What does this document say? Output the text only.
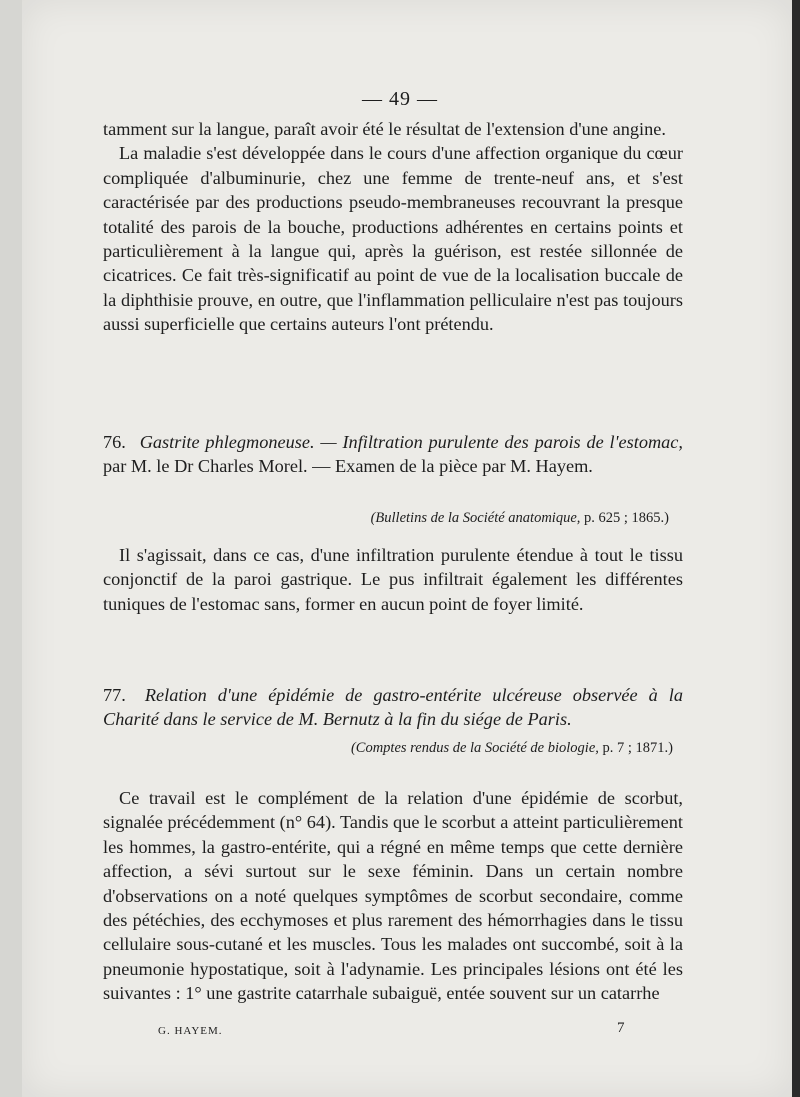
— 49 —

tamment sur la langue, paraît avoir été le résultat de l'extension d'une angine.

La maladie s'est développée dans le cours d'une affection organique du cœur compliquée d'albuminurie, chez une femme de trente-neuf ans, et s'est caractérisée par des productions pseudo-membraneuses recouvrant la presque totalité des parois de la bouche, productions adhérentes en certains points et particulièrement à la langue qui, après la guérison, est restée sillonnée de cicatrices. Ce fait très-significatif au point de vue de la localisation buccale de la diphthisie prouve, en outre, que l'inflammation pelliculaire n'est pas toujours aussi superficielle que certains auteurs l'ont prétendu.

76. Gastrite phlegmoneuse. — Infiltration purulente des parois de l'estomac, par M. le Dr Charles Morel. — Examen de la pièce par M. Hayem.
(Bulletins de la Société anatomique, p. 625 ; 1865.)

Il s'agissait, dans ce cas, d'une infiltration purulente étendue à tout le tissu conjonctif de la paroi gastrique. Le pus infiltrait également les différentes tuniques de l'estomac sans, former en aucun point de foyer limité.

77. Relation d'une épidémie de gastro-entérite ulcéreuse observée à la Charité dans le service de M. Bernutz à la fin du siége de Paris.
(Comptes rendus de la Société de biologie, p. 7 ; 1871.)

Ce travail est le complément de la relation d'une épidémie de scorbut, signalée précédemment (n° 64). Tandis que le scorbut a atteint particulièrement les hommes, la gastro-entérite, qui a régné en même temps que cette dernière affection, a sévi surtout sur le sexe féminin. Dans un certain nombre d'observations on a noté quelques symptômes de scorbut secondaire, comme des pétéchies, des ecchymoses et plus rarement des hémorrhagies dans le tissu cellulaire sous-cutané et les muscles. Tous les malades ont succombé, soit à la pneumonie hypostatique, soit à l'adynamie. Les principales lésions ont été les suivantes : 1° une gastrite catarrhale subaiguë, entée souvent sur un catarrhe

G. HAYEM.	7
